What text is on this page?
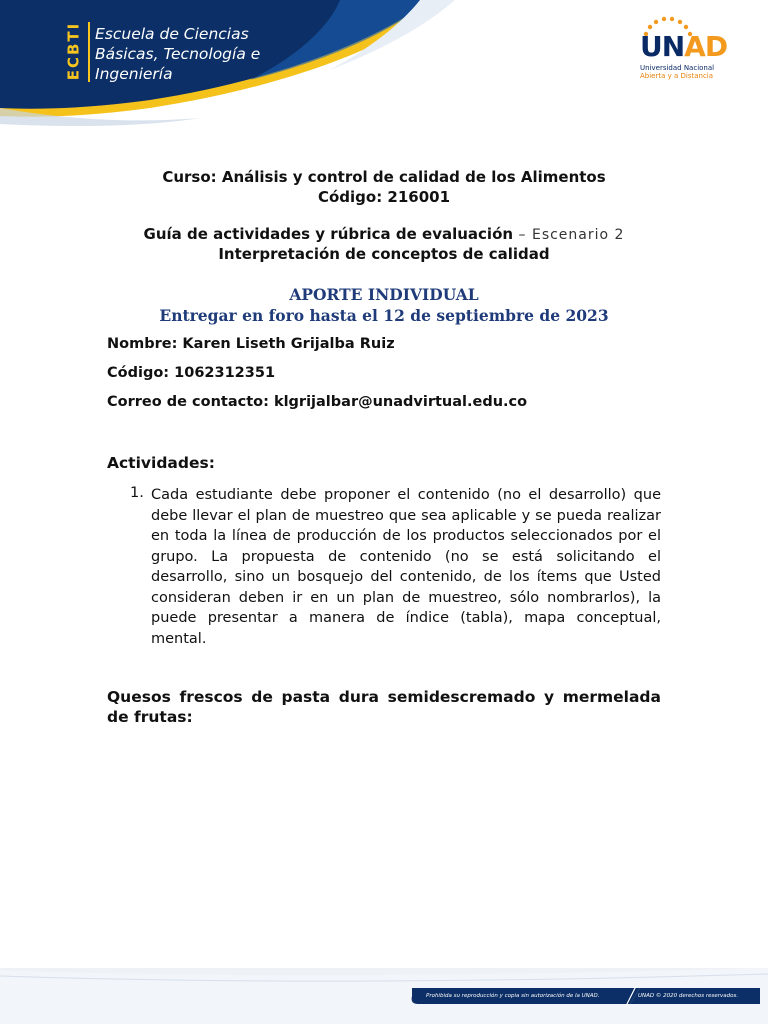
ECBTI Escuela de Ciencias
Básicas, Tecnología e
Ingeniería
UNAD
Universidad Nacional
Abierta y a Distancia
Curso: Análisis y control de calidad de los Alimentos
Código: 216001
Guía de actividades y rúbrica de evaluación – Escenario 2
Interpretación de conceptos de calidad
APORTE INDIVIDUAL
Entregar en foro hasta el 12 de septiembre de 2023
Nombre: Karen Liseth Grijalba Ruiz
Código: 1062312351
Correo de contacto: klgrijalbar@unadvirtual.edu.co
Actividades:
1. Cada estudiante debe proponer el contenido (no el desarrollo) que debe llevar el plan de muestreo que sea aplicable y se pueda realizar en toda la línea de producción de los productos seleccionados por el grupo. La propuesta de contenido (no se está solicitando el desarrollo, sino un bosquejo del contenido, de los ítems que Usted consideran deben ir en un plan de muestreo, sólo nombrarlos), la puede presentar a manera de índice (tabla), mapa conceptual, mental.
Quesos frescos de pasta dura semidescremado y mermelada de frutas:
Prohibida su reproducción y copia sin autorización de la UNAD.	UNAD © 2020 derechos reservados.
